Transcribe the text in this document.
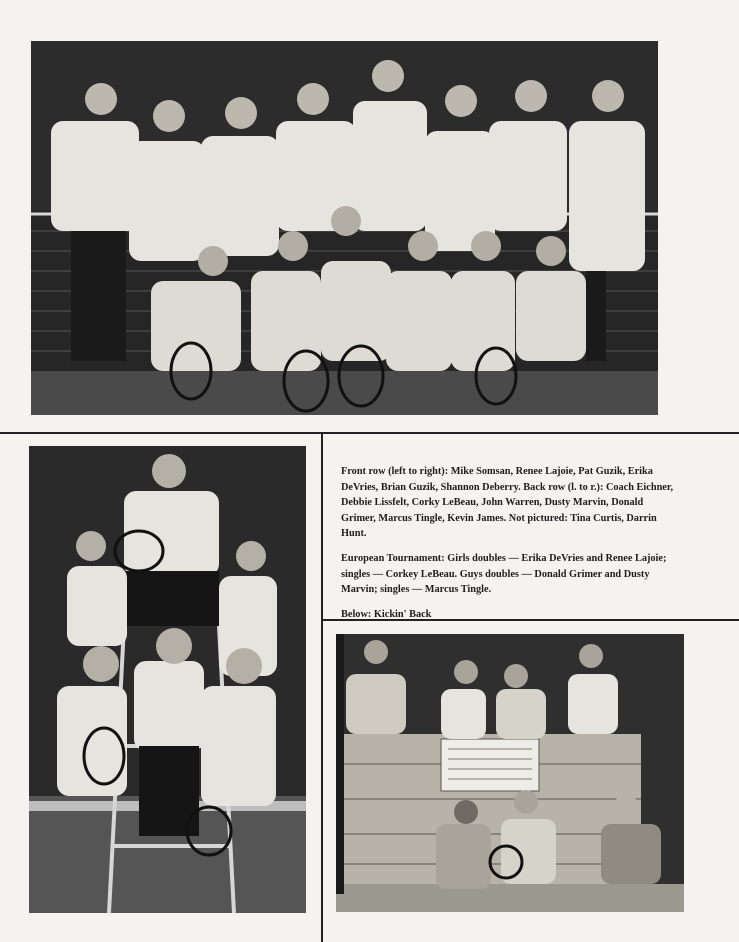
Front row (left to right): Mike Somsan, Renee Lajoie, Pat Guzik, Erika DeVries, Brian Guzik, Shannon Deberry. Back row (l. to r.): Coach Eichner, Debbie Lissfelt, Corky LeBeau, John Warren, Dusty Marvin, Donald Grimer, Marcus Tingle, Kevin James. Not pictured: Tina Curtis, Darrin Hunt.

European Tournament: Girls doubles — Erika DeVries and Renee Lajoie; singles — Corkey LeBeau. Guys doubles — Donald Grimer and Dusty Marvin; singles — Marcus Tingle.

Below: Kickin' Back
